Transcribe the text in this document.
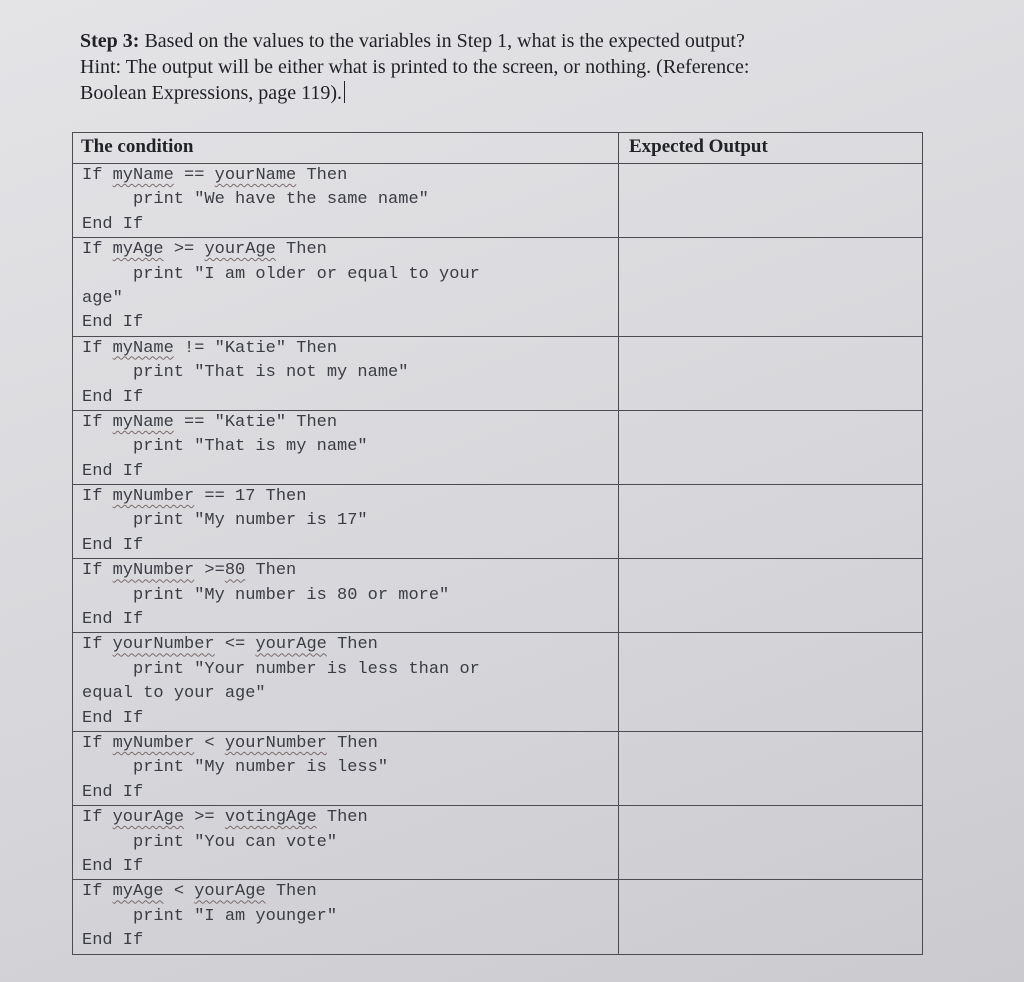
Step 3: Based on the values to the variables in Step 1, what is the expected output?
Hint: The output will be either what is printed to the screen, or nothing. (Reference:
Boolean Expressions, page 119).
The condition	Expected Output

If myName == yourName Then
print "We have the same name"
End If	

If myAge >= yourAge Then
print "I am older or equal to your
age"
End If	

If myName != "Katie" Then
print "That is not my name"
End If	

If myName == "Katie" Then
print "That is my name"
End If	

If myNumber == 17 Then
print "My number is 17"
End If	

If myNumber >=80 Then
print "My number is 80 or more"
End If	

If yourNumber <= yourAge Then
print "Your number is less than or
equal to your age"
End If	

If myNumber < yourNumber Then
print "My number is less"
End If	

If yourAge >= votingAge Then
print "You can vote"
End If	

If myAge < yourAge Then
print "I am younger"
End If	
